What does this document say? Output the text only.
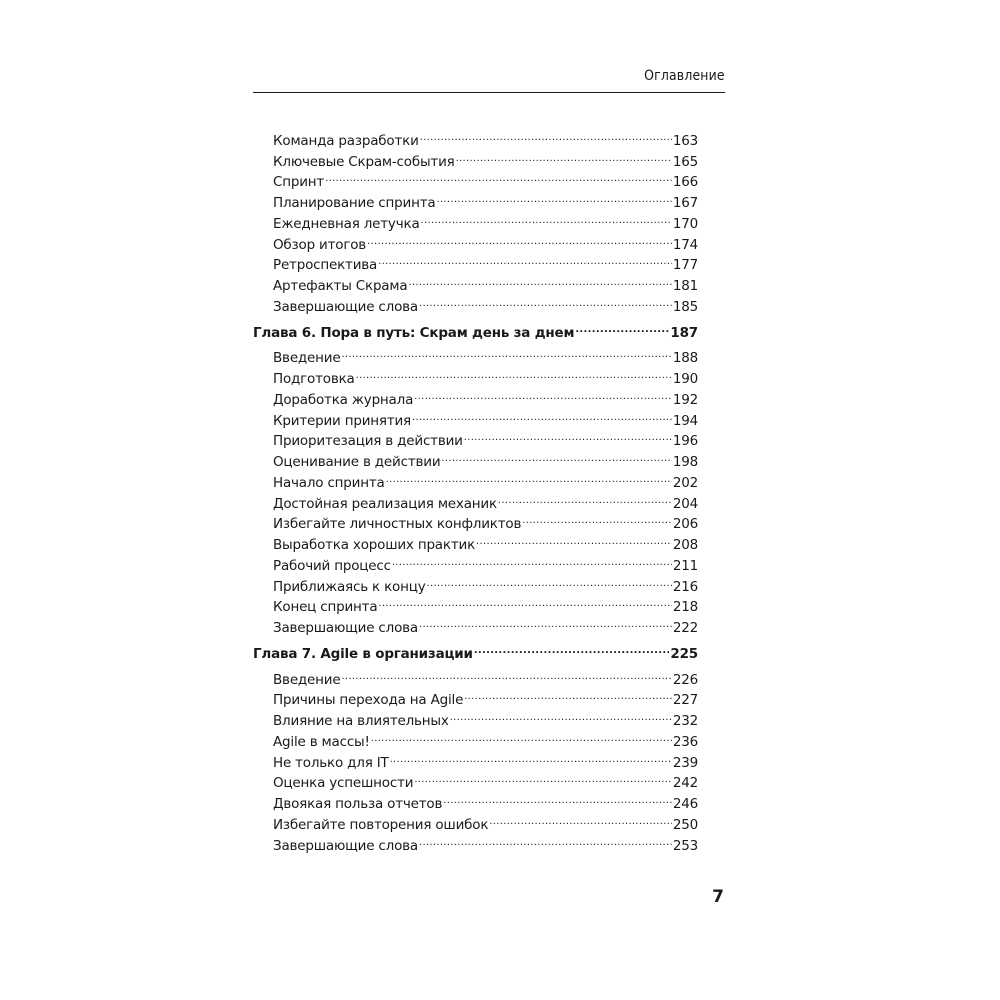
Оглавление
Команда разработки .....	163
Ключевые Скрам-события .....	165
Спринт .....	166
Планирование спринта .....	167
Ежедневная летучка .....	170
Обзор итогов .....	174
Ретроспектива .....	177
Артефакты Скрама .....	181
Завершающие слова .....	185
Глава 6. Пора в путь: Скрам день за днем .....	187
Введение .....	188
Подготовка .....	190
Доработка журнала .....	192
Критерии принятия .....	194
Приоритезация в действии .....	196
Оценивание в действии .....	198
Начало спринта .....	202
Достойная реализация механик .....	204
Избегайте личностных конфликтов .....	206
Выработка хороших практик .....	208
Рабочий процесс .....	211
Приближаясь к концу .....	216
Конец спринта .....	218
Завершающие слова .....	222
Глава 7. Agile в организации .....	225
Введение .....	226
Причины перехода на Agile .....	227
Влияние на влиятельных .....	232
Agile в массы! .....	236
Не только для IT .....	239
Оценка успешности .....	242
Двоякая польза отчетов .....	246
Избегайте повторения ошибок .....	250
Завершающие слова .....	253
7
